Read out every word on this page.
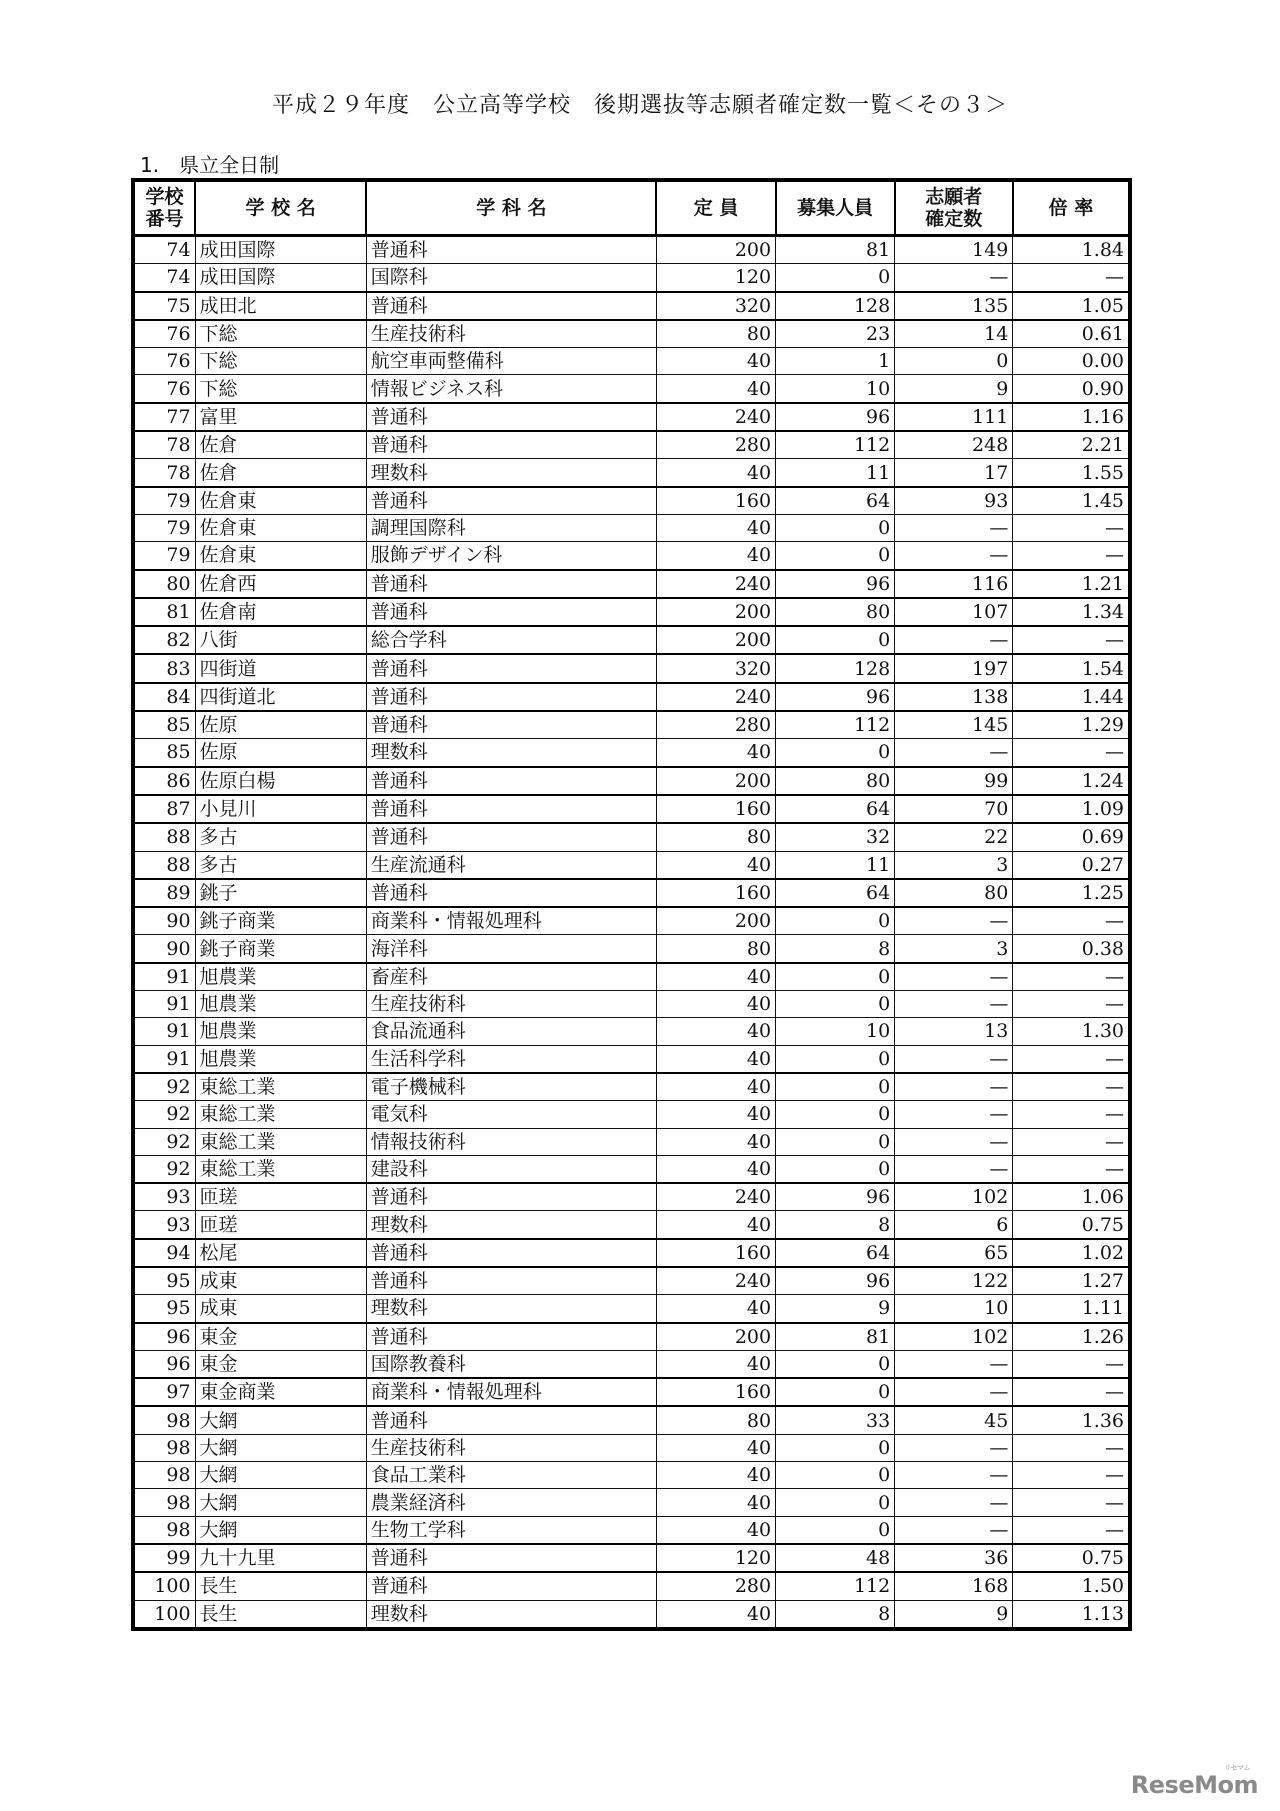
平成２９年度　公立高等学校　後期選抜等志願者確定数一覧＜その３＞
1.　県立全日制
学校
番号	学 校 名	学 科 名	定 員	募集人員	志願者
確定数	倍 率
74	成田国際	普通科	200	81	149	1.84
74	成田国際	国際科	120	0	—	—
75	成田北	普通科	320	128	135	1.05
76	下総	生産技術科	80	23	14	0.61
76	下総	航空車両整備科	40	1	0	0.00
76	下総	情報ビジネス科	40	10	9	0.90
77	富里	普通科	240	96	111	1.16
78	佐倉	普通科	280	112	248	2.21
78	佐倉	理数科	40	11	17	1.55
79	佐倉東	普通科	160	64	93	1.45
79	佐倉東	調理国際科	40	0	—	—
79	佐倉東	服飾デザイン科	40	0	—	—
80	佐倉西	普通科	240	96	116	1.21
81	佐倉南	普通科	200	80	107	1.34
82	八街	総合学科	200	0	—	—
83	四街道	普通科	320	128	197	1.54
84	四街道北	普通科	240	96	138	1.44
85	佐原	普通科	280	112	145	1.29
85	佐原	理数科	40	0	—	—
86	佐原白楊	普通科	200	80	99	1.24
87	小見川	普通科	160	64	70	1.09
88	多古	普通科	80	32	22	0.69
88	多古	生産流通科	40	11	3	0.27
89	銚子	普通科	160	64	80	1.25
90	銚子商業	商業科・情報処理科	200	0	—	—
90	銚子商業	海洋科	80	8	3	0.38
91	旭農業	畜産科	40	0	—	—
91	旭農業	生産技術科	40	0	—	—
91	旭農業	食品流通科	40	10	13	1.30
91	旭農業	生活科学科	40	0	—	—
92	東総工業	電子機械科	40	0	—	—
92	東総工業	電気科	40	0	—	—
92	東総工業	情報技術科	40	0	—	—
92	東総工業	建設科	40	0	—	—
93	匝瑳	普通科	240	96	102	1.06
93	匝瑳	理数科	40	8	6	0.75
94	松尾	普通科	160	64	65	1.02
95	成東	普通科	240	96	122	1.27
95	成東	理数科	40	9	10	1.11
96	東金	普通科	200	81	102	1.26
96	東金	国際教養科	40	0	—	—
97	東金商業	商業科・情報処理科	160	0	—	—
98	大網	普通科	80	33	45	1.36
98	大網	生産技術科	40	0	—	—
98	大網	食品工業科	40	0	—	—
98	大網	農業経済科	40	0	—	—
98	大網	生物工学科	40	0	—	—
99	九十九里	普通科	120	48	36	0.75
100	長生	普通科	280	112	168	1.50
100	長生	理数科	40	8	9	1.13
リセマム
ReseMom
